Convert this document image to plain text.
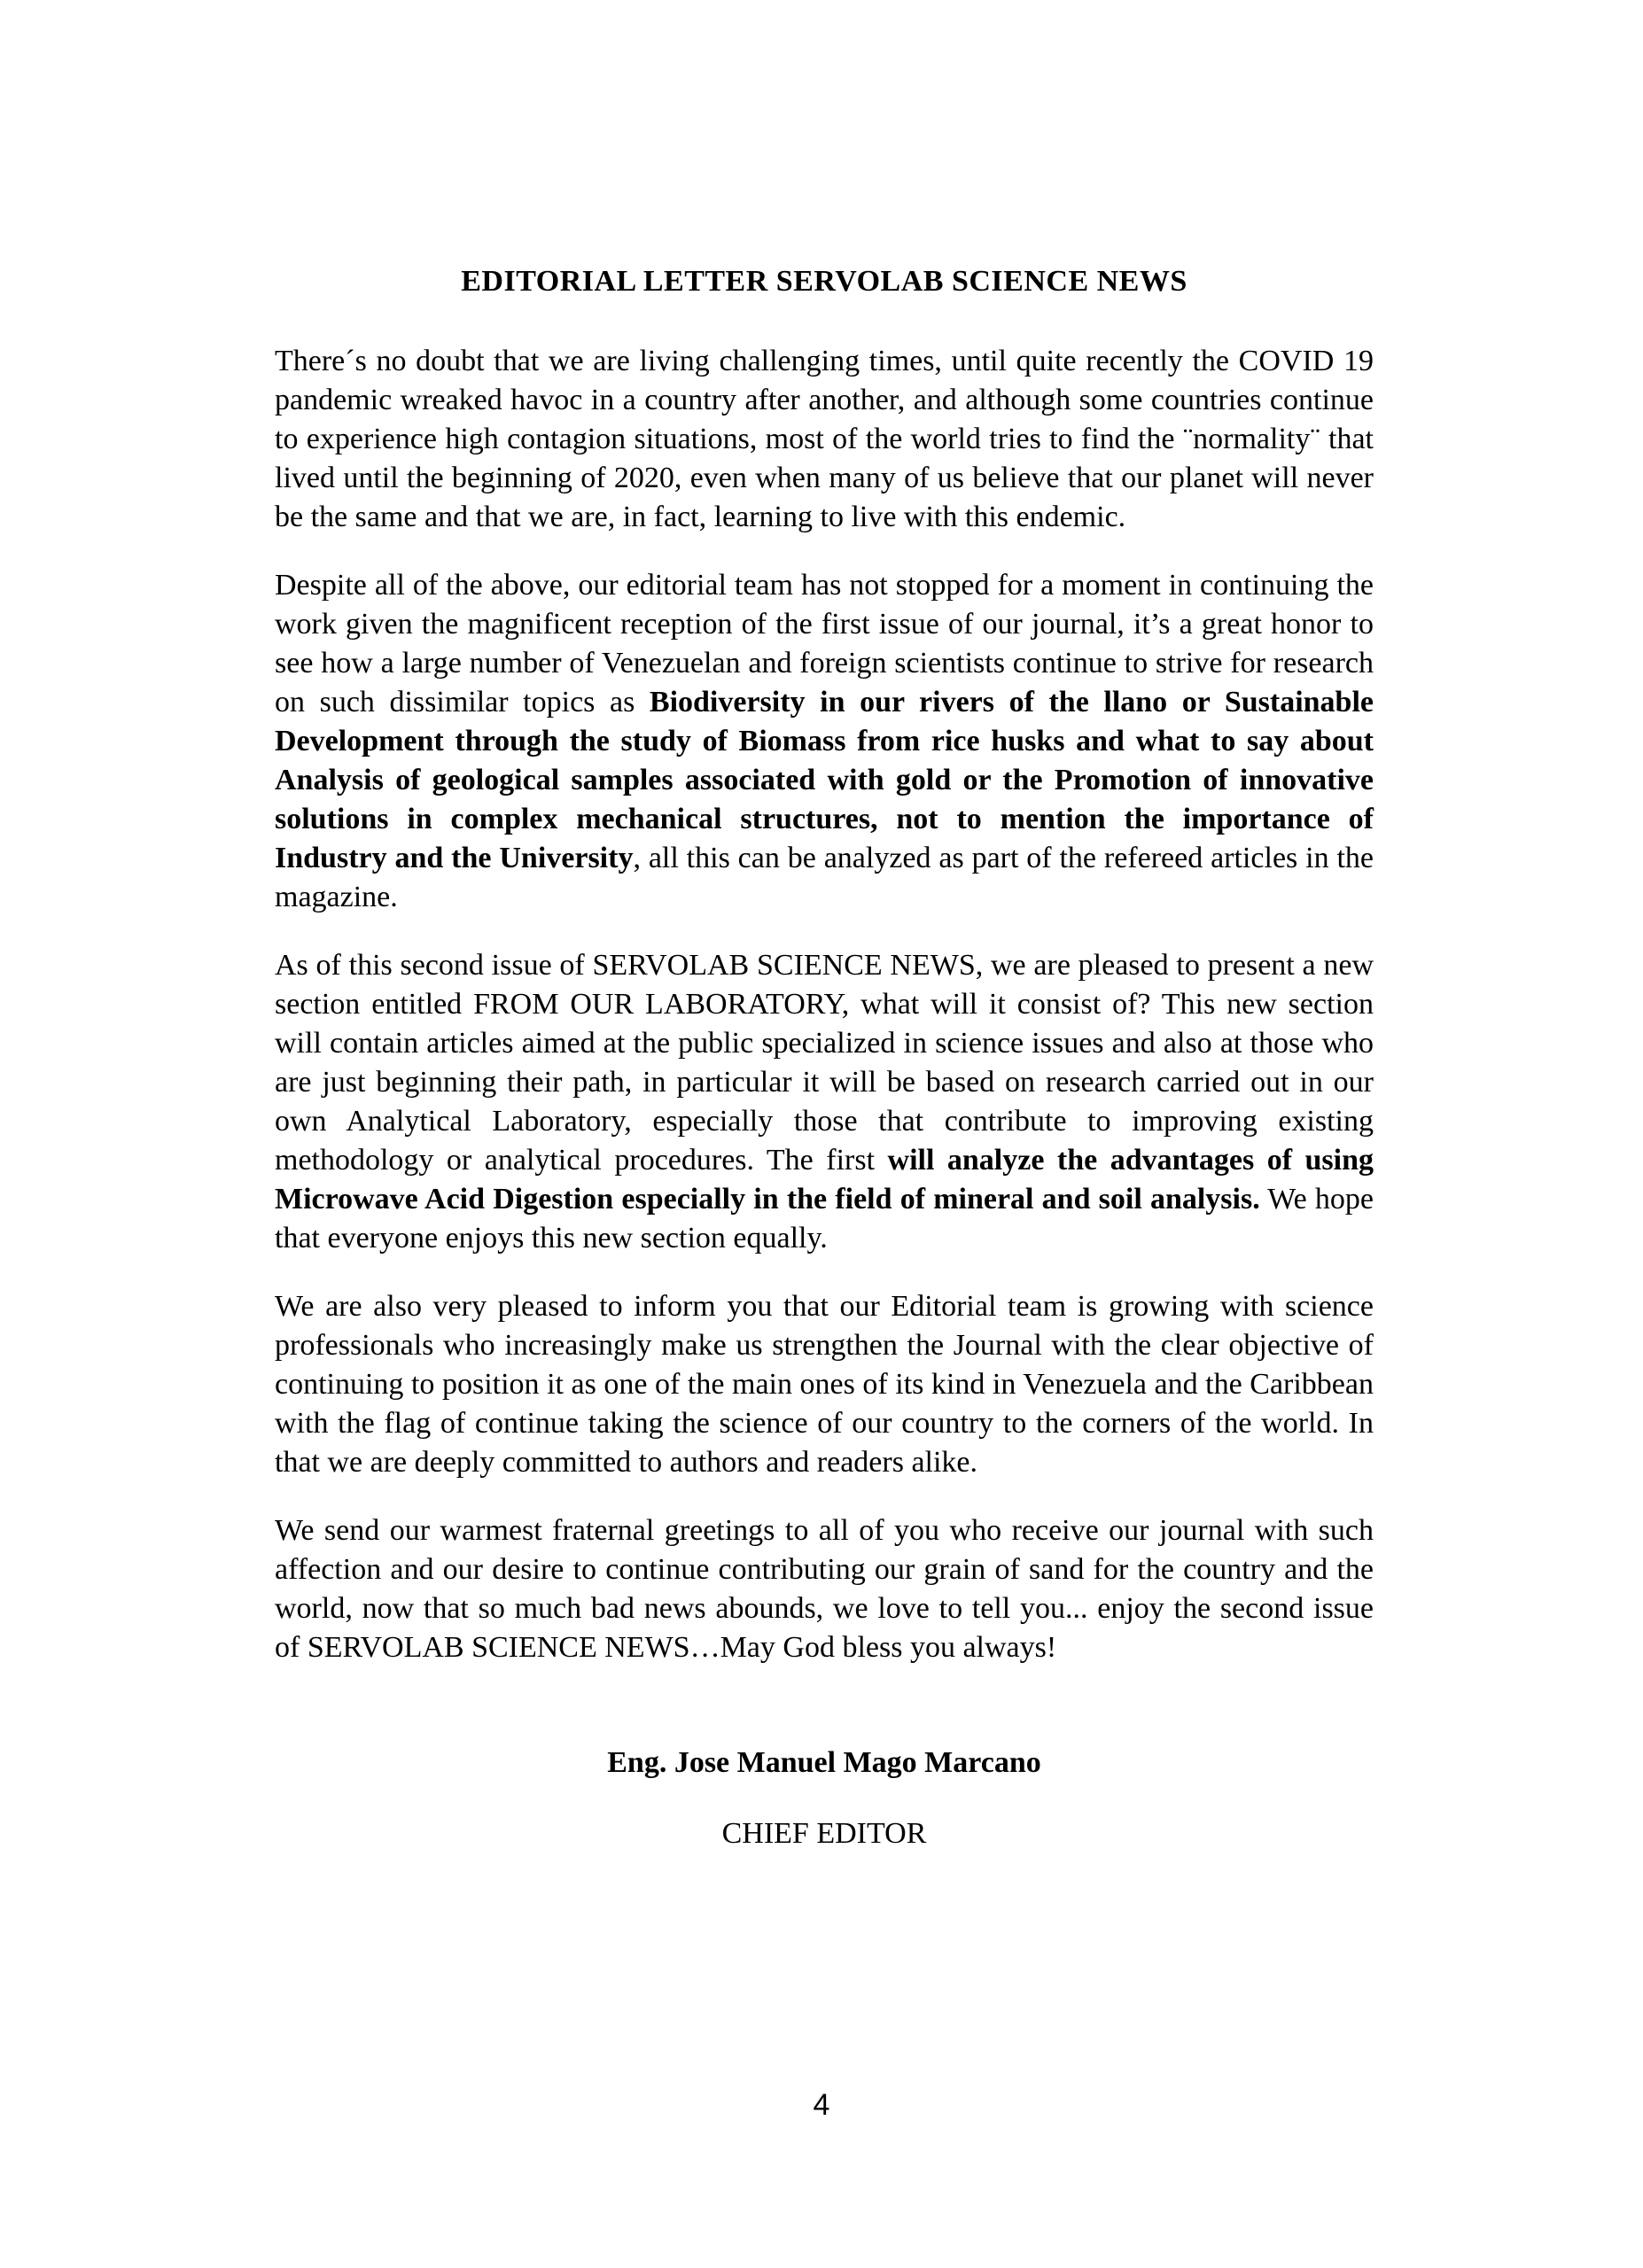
EDITORIAL LETTER SERVOLAB SCIENCE NEWS

There´s no doubt that we are living challenging times, until quite recently the COVID 19 pandemic wreaked havoc in a country after another, and although some countries continue to experience high contagion situations, most of the world tries to find the ¨normality¨ that lived until the beginning of 2020, even when many of us believe that our planet will never be the same and that we are, in fact, learning to live with this endemic.

Despite all of the above, our editorial team has not stopped for a moment in continuing the work given the magnificent reception of the first issue of our journal, it’s a great honor to see how a large number of Venezuelan and foreign scientists continue to strive for research on such dissimilar topics as Biodiversity in our rivers of the llano or Sustainable Development through the study of Biomass from rice husks and what to say about Analysis of geological samples associated with gold or the Promotion of innovative solutions in complex mechanical structures, not to mention the importance of Industry and the University, all this can be analyzed as part of the refereed articles in the magazine.

As of this second issue of SERVOLAB SCIENCE NEWS, we are pleased to present a new section entitled FROM OUR LABORATORY, what will it consist of? This new section will contain articles aimed at the public specialized in science issues and also at those who are just beginning their path, in particular it will be based on research carried out in our own Analytical Laboratory, especially those that contribute to improving existing methodology or analytical procedures. The first will analyze the advantages of using Microwave Acid Digestion especially in the field of mineral and soil analysis. We hope that everyone enjoys this new section equally.

We are also very pleased to inform you that our Editorial team is growing with science professionals who increasingly make us strengthen the Journal with the clear objective of continuing to position it as one of the main ones of its kind in Venezuela and the Caribbean with the flag of continue taking the science of our country to the corners of the world. In that we are deeply committed to authors and readers alike.

We send our warmest fraternal greetings to all of you who receive our journal with such affection and our desire to continue contributing our grain of sand for the country and the world, now that so much bad news abounds, we love to tell you... enjoy the second issue of SERVOLAB SCIENCE NEWS…May God bless you always!

Eng. Jose Manuel Mago Marcano
CHIEF EDITOR
4
